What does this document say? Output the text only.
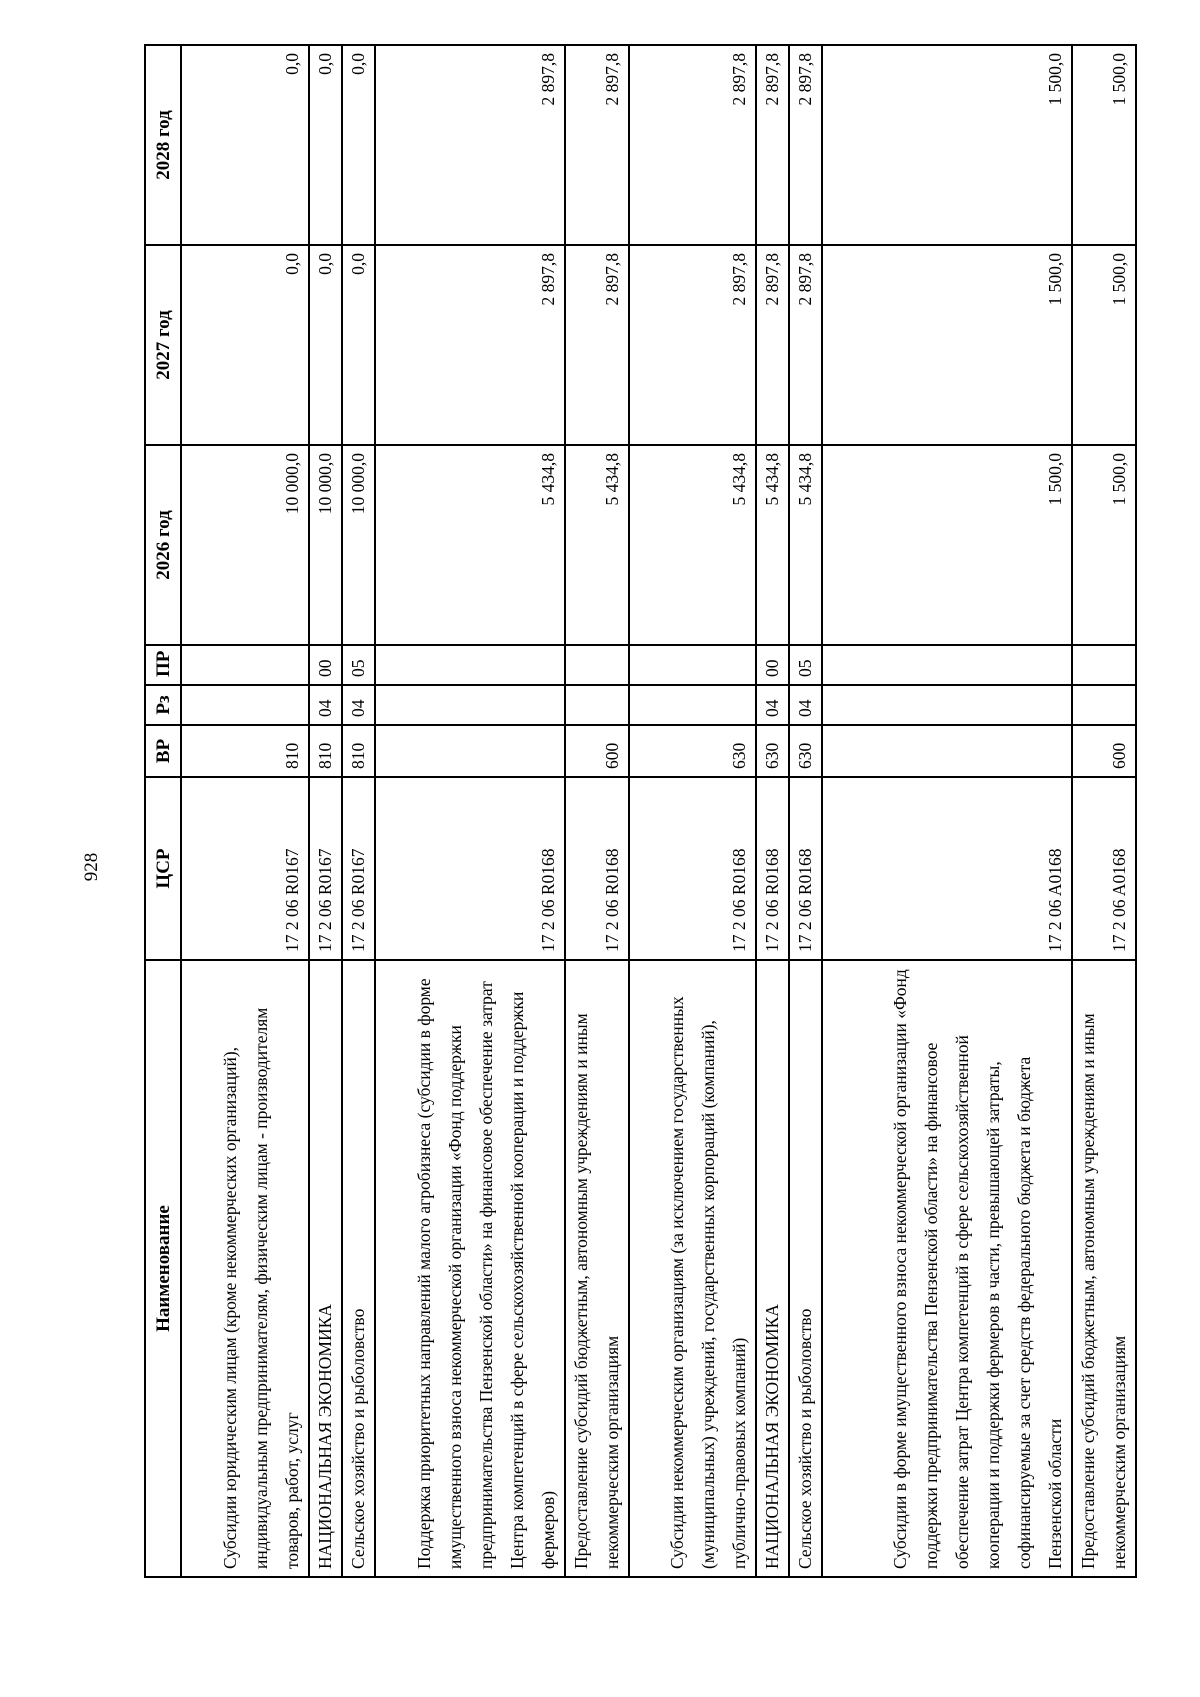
928
Наименование	ЦСР	ВР	Рз	ПР	2026 год	2027 год	2028 год
Субсидии юридическим лицам (кроме некоммерческих организаций), индивидуальным предпринимателям, физическим лицам - производителям товаров, работ, услуг	17 2 06 R0167	810			10 000,0	0,0	0,0
НАЦИОНАЛЬНАЯ ЭКОНОМИКА	17 2 06 R0167	810	04	00	10 000,0	0,0	0,0
Сельское хозяйство и рыболовство	17 2 06 R0167	810	04	05	10 000,0	0,0	0,0
Поддержка приоритетных направлений малого агробизнеса (субсидии в форме имущественного взноса некоммерческой организации «Фонд поддержки предпринимательства Пензенской области» на финансовое обеспечение затрат Центра компетенций в сфере сельскохозяйственной кооперации и поддержки фермеров)	17 2 06 R0168				5 434,8	2 897,8	2 897,8
Предоставление субсидий бюджетным, автономным учреждениям и иным некоммерческим организациям	17 2 06 R0168	600			5 434,8	2 897,8	2 897,8
Субсидии некоммерческим организациям (за исключением государственных (муниципальных) учреждений, государственных корпораций (компаний), публично-правовых компаний)	17 2 06 R0168	630			5 434,8	2 897,8	2 897,8
НАЦИОНАЛЬНАЯ ЭКОНОМИКА	17 2 06 R0168	630	04	00	5 434,8	2 897,8	2 897,8
Сельское хозяйство и рыболовство	17 2 06 R0168	630	04	05	5 434,8	2 897,8	2 897,8
Субсидии в форме имущественного взноса некоммерческой организации «Фонд поддержки предпринимательства Пензенской области» на финансовое обеспечение затрат Центра компетенций в сфере сельскохозяйственной кооперации и поддержки фермеров в части, превышающей затраты, софинансируемые за счет средств федерального бюджета и бюджета Пензенской области	17 2 06 A0168				1 500,0	1 500,0	1 500,0
Предоставление субсидий бюджетным, автономным учреждениям и иным некоммерческим организациям	17 2 06 A0168	600			1 500,0	1 500,0	1 500,0
